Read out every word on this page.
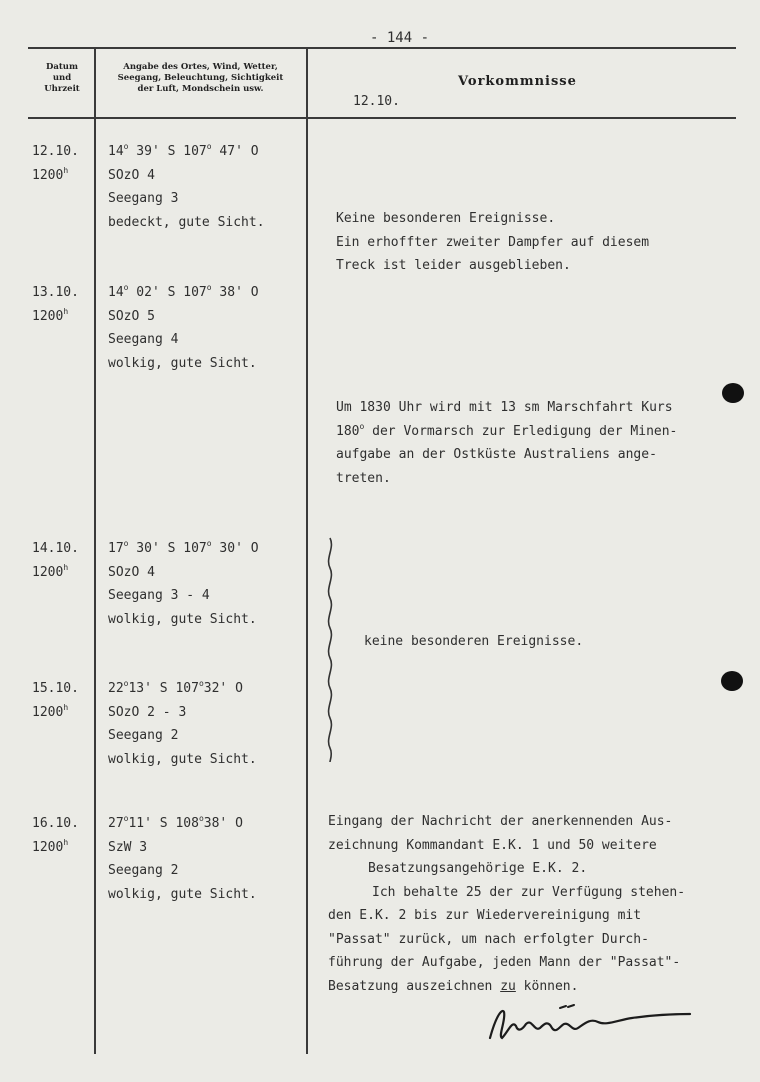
- 144 -
Datum
und
Uhrzeit
Angabe des Ortes, Wind, Wetter,
Seegang, Beleuchtung, Sichtigkeit
der Luft, Mondschein usw.	Vorkommnisse
12.10.
12.10.
1200$^h$
13.10.
1200$^h$
14.10.
1200$^h$
15.10.
1200$^h$
16.10.
1200$^h$
14$^o$ 39' S 107$^o$ 47' O
SOzO 4
Seegang 3
bedeckt, gute Sicht.
14$^o$ 02' S 107$^o$ 38' O
SOzO 5
Seegang 4
wolkig, gute Sicht.
17$^o$ 30' S 107$^o$ 30' O
SOzO 4
Seegang 3 - 4
wolkig, gute Sicht.
22$^o$13' S 107$^o$32' O
SOzO 2 - 3
Seegang 2
wolkig, gute Sicht.
27$^o$11' S 108$^o$38' O
SzW 3
Seegang 2
wolkig, gute Sicht.
Keine besonderen Ereignisse.
Ein erhoffter zweiter Dampfer auf diesem
Treck ist leider ausgeblieben.
Um 1830 Uhr wird mit 13 sm Marschfahrt Kurs
180$^o$ der Vormarsch zur Erledigung der Minen-
aufgabe an der Ostküste Australiens ange-
treten.
keine besonderen Ereignisse.
Eingang der Nachricht der anerkennenden Aus-
zeichnung Kommandant E.K. 1 und 50 weitere
Besatzungsangehörige E.K. 2.
Ich behalte 25 der zur Verfügung stehen-
den E.K. 2 bis zur Wiedervereinigung mit
"Passat" zurück, um nach erfolgter Durch-
führung der Aufgabe, jeden Mann der "Passat"-
Besatzung auszeichnen zu können.
